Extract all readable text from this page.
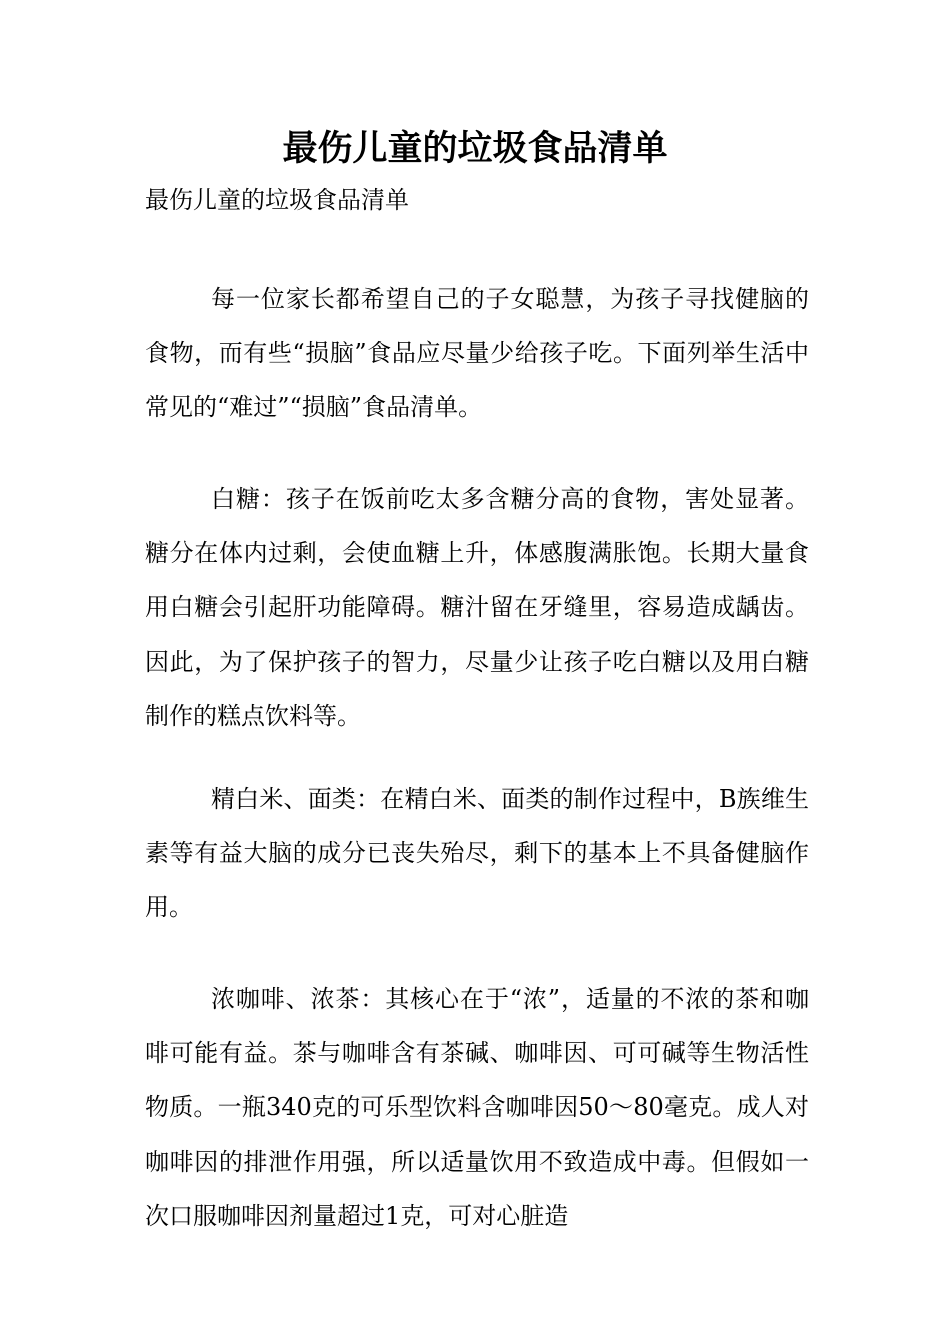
最伤儿童的垃圾食品清单

最伤儿童的垃圾食品清单

每一位家长都希望自己的子女聪慧，为孩子寻找健脑的食物，而有些“损脑”食品应尽量少给孩子吃。下面列举生活中常见的“难过”“损脑”食品清单。

白糖：孩子在饭前吃太多含糖分高的食物，害处显著。糖分在体内过剩，会使血糖上升，体感腹满胀饱。长期大量食用白糖会引起肝功能障碍。糖汁留在牙缝里，容易造成龋齿。因此，为了保护孩子的智力，尽量少让孩子吃白糖以及用白糖制作的糕点饮料等。

精白米、面类：在精白米、面类的制作过程中，B族维生素等有益大脑的成分已丧失殆尽，剩下的基本上不具备健脑作用。

浓咖啡、浓茶：其核心在于“浓”，适量的不浓的茶和咖啡可能有益。茶与咖啡含有茶碱、咖啡因、可可碱等生物活性物质。一瓶340克的可乐型饮料含咖啡因50～80毫克。成人对咖啡因的排泄作用强，所以适量饮用不致造成中毒。但假如一次口服咖啡因剂量超过1克，可对心脏造
